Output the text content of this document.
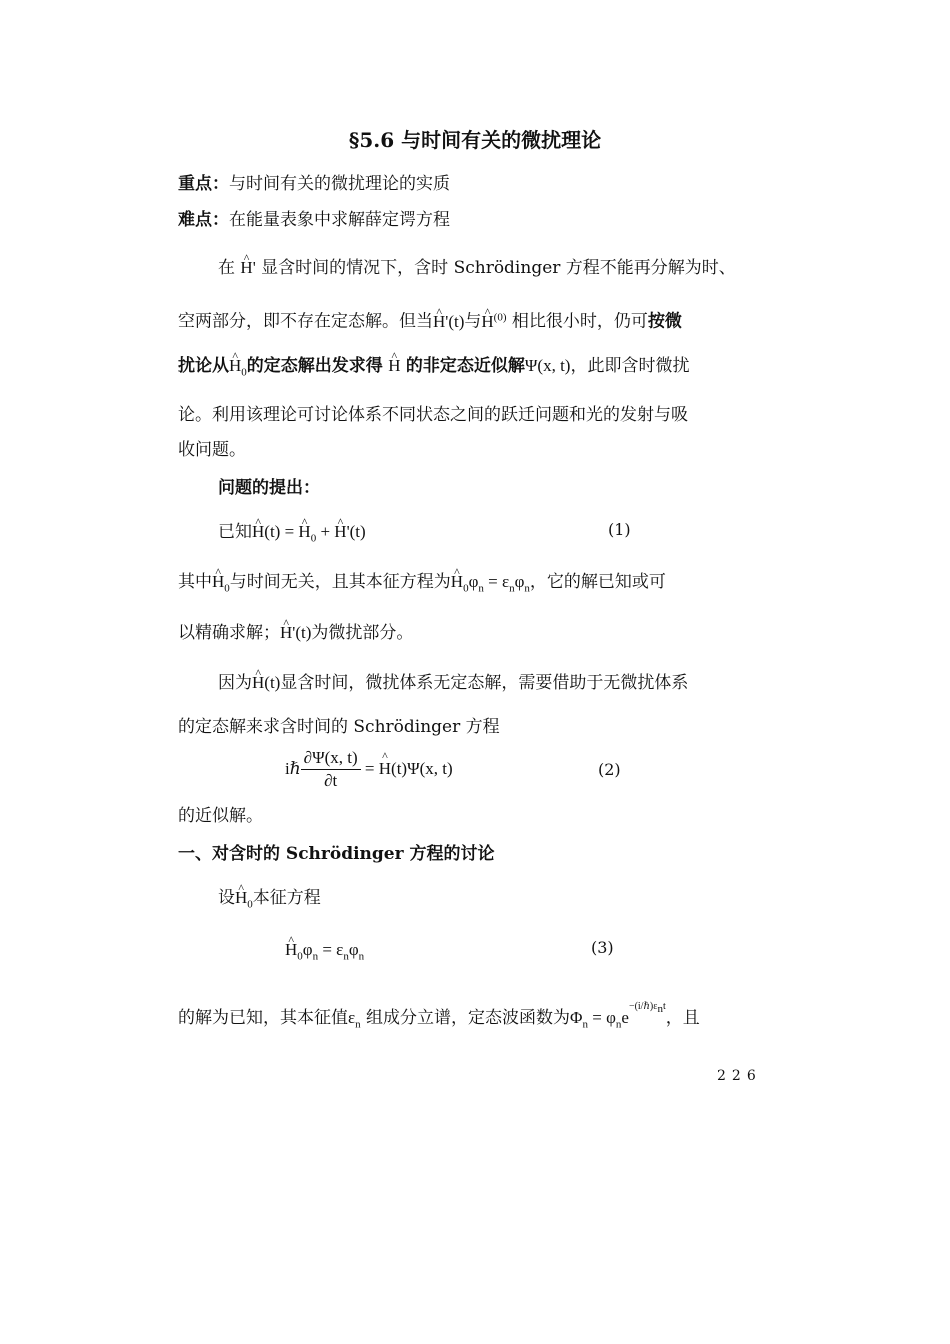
§5.6 与时间有关的微扰理论
重点：与时间有关的微扰理论的实质
难点：在能量表象中求解薛定谔方程
在 ^ H' 显含时间的情况下，含时 Schrödinger 方程不能再分解为时、
空两部分，即不存在定态解。但当^ H'(t)与^ $H^{(0)}$ 相比很小时，仍可按微
扰论从^ $H_0$的定态解出发求得 ^ H 的非定态近似解Ψ(x, t)，此即含时微扰
论。利用该理论可讨论体系不同状态之间的跃迁问题和光的发射与吸
收问题。
问题的提出：
已知^ H(t) = ^ $H_0$ + ^ H'(t)	(1)
其中^ $H_0$与时间无关，且其本征方程为^ $H_0\varphi_n = \varepsilon_n\varphi_n$，它的解已知或可
以精确求解；^ H'(t)为微扰部分。
因为^ H(t)显含时间，微扰体系无定态解，需要借助于无微扰体系
的定态解来求含时间的 Schrödinger 方程
iℏ $\frac{\partial\Psi(x, t)}{\partial t}$ = ^ H(t)Ψ(x, t)	(2)
的近似解。
一、对含时的 Schrödinger 方程的讨论
设^ $H_0$本征方程
^ $H_0\varphi_n = \varepsilon_n\varphi_n$	(3)
的解为已知，其本征值$\varepsilon_n$ 组成分立谱，定态波函数为$\Phi_n = \varphi_ne^{-(i/\hbar)\varepsilon_nt}$，且
226
